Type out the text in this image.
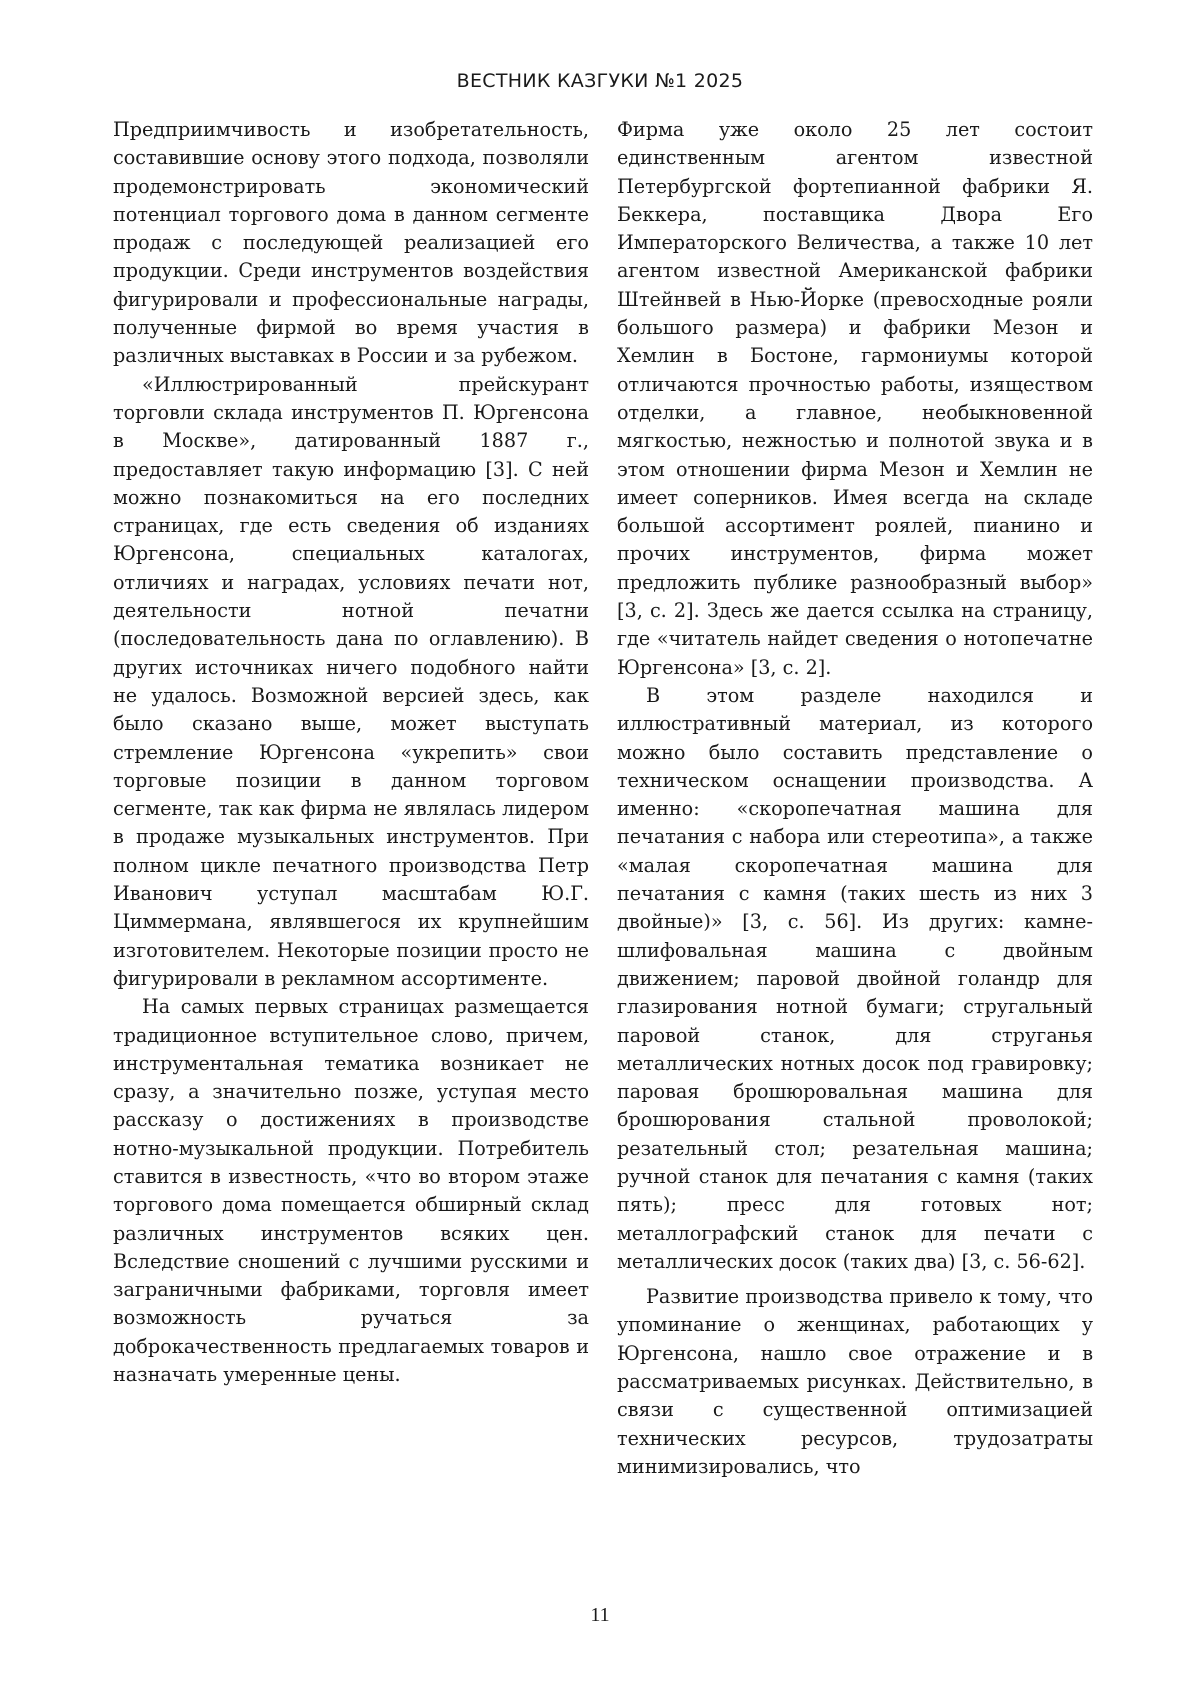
ВЕСТНИК КАЗГУКИ №1 2025

Предприимчивость и изобретательность, составившие основу этого подхода, позволяли продемонстрировать экономический потенциал торгового дома в данном сегменте продаж с последующей реализацией его продукции. Среди инструментов воздействия фигурировали и профессиональные награды, полученные фирмой во время участия в различных выставках в России и за рубежом.

«Иллюстрированный прейскурант торговли склада инструментов П. Юргенсона в Москве», датированный 1887 г., предоставляет такую информацию [3]. С ней можно познакомиться на его последних страницах, где есть сведения об изданиях Юргенсона, специальных каталогах, отличиях и наградах, условиях печати нот, деятельности нотной печатни (последовательность дана по оглавлению). В других источниках ничего подобного найти не удалось. Возможной версией здесь, как было сказано выше, может выступать стремление Юргенсона «укрепить» свои торговые позиции в данном торговом сегменте, так как фирма не являлась лидером в продаже музыкальных инструментов. При полном цикле печатного производства Петр Иванович уступал масштабам Ю.Г. Циммермана, являвшегося их крупнейшим изготовителем. Некоторые позиции просто не фигурировали в рекламном ассортименте.

На самых первых страницах размещается традиционное вступительное слово, причем, инструментальная тематика возникает не сразу, а значительно позже, уступая место рассказу о достижениях в производстве нотно-музыкальной продукции. Потребитель ставится в известность, «что во втором этаже торгового дома помещается обширный склад различных инструментов всяких цен. Вследствие сношений с лучшими русскими и заграничными фабриками, торговля имеет возможность ручаться за доброкачественность предлагаемых товаров и назначать умеренные цены.

Фирма уже около 25 лет состоит единственным агентом известной Петербургской фортепианной фабрики Я. Беккера, поставщика Двора Его Императорского Величества, а также 10 лет агентом известной Американской фабрики Штейнвей в Нью-Йорке (превосходные рояли большого размера) и фабрики Мезон и Хемлин в Бостоне, гармониумы которой отличаются прочностью работы, изяществом отделки, а главное, необыкновенной мягкостью, нежностью и полнотой звука и в этом отношении фирма Мезон и Хемлин не имеет соперников. Имея всегда на складе большой ассортимент роялей, пианино и прочих инструментов, фирма может предложить публике разнообразный выбор» [3, с. 2]. Здесь же дается ссылка на страницу, где «читатель найдет сведения о нотопечатне Юргенсона» [3, с. 2].

В этом разделе находился и иллюстративный материал, из которого можно было составить представление о техническом оснащении производства. А именно: «скоропечатная машина для печатания с набора или стереотипа», а также «малая скоропечатная машина для печатания с камня (таких шесть из них 3 двойные)» [3, с. 56]. Из других: камне-шлифовальная машина с двойным движением; паровой двойной голандр для глазирования нотной бумаги; стругальный паровой станок, для струганья металлических нотных досок под гравировку; паровая брошюровальная машина для брошюрования стальной проволокой; резательный стол; резательная машина; ручной станок для печатания с камня (таких пять); пресс для готовых нот; металлографский станок для печати с металлических досок (таких два) [3, с. 56-62].

Развитие производства привело к тому, что упоминание о женщинах, работающих у Юргенсона, нашло свое отражение и в рассматриваемых рисунках. Действительно, в связи с существенной оптимизацией технических ресурсов, трудозатраты минимизировались, что

11
